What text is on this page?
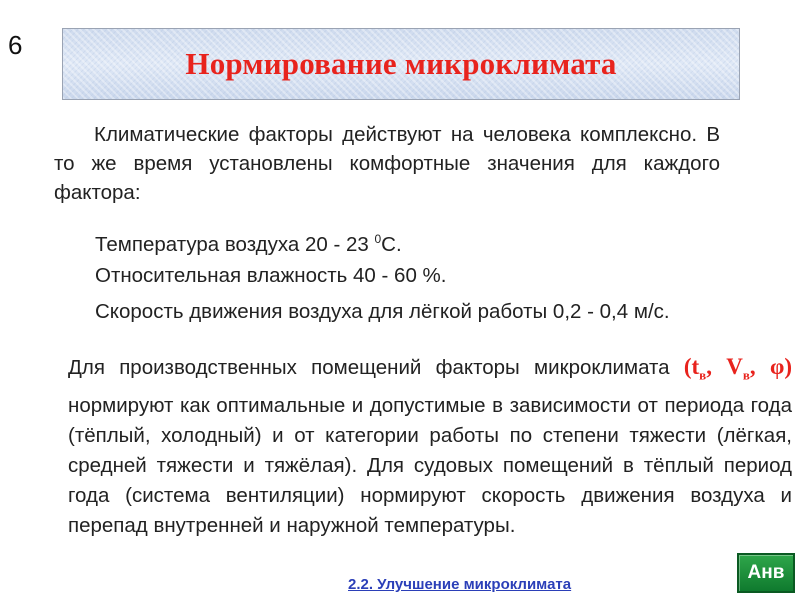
6
Нормирование микроклимата

Климатические факторы действуют на человека комплексно. В то же время установлены комфортные значения для каждого фактора:

Температура воздуха 20 - 23 $^0$С.
Относительная влажность 40 - 60 %.
Скорость движения воздуха для лёгкой работы 0,2 - 0,4 м/с.

Для производственных помещений факторы микроклимата ($t_в$, $V_в$, φ) нормируют как оптимальные и допустимые в зависимости от периода года (тёплый, холодный) и от категории работы по степени тяжести (лёгкая, средней тяжести и тяжёлая). Для судовых помещений в тёплый период года (система вентиляции) нормируют скорость движения воздуха и перепад внутренней и наружной температуры.

2.2. Улучшение микроклимата
Анв
